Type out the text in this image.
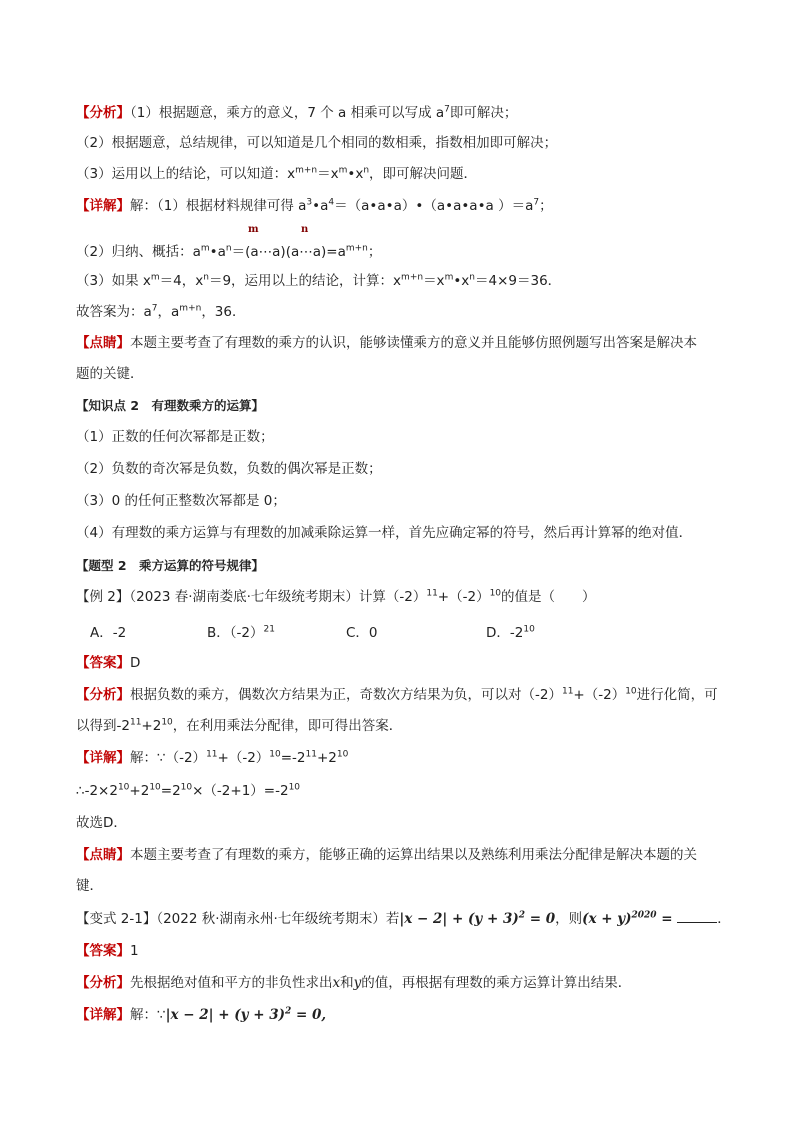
【分析】（1）根据题意，乘方的意义，7 个 a 相乘可以写成 $a^7$即可解决；
（2）根据题意，总结规律，可以知道是几个相同的数相乘，指数相加即可解决；
（3）运用以上的结论，可以知道：$x^{m+n}=x^m•x^n$，即可解决问题．
【详解】解：（1）根据材料规律可得 $a^3•a^4=(a•a•a)•(a•a•a•a$ ）$=a^7$；
m	n
（2）归纳、概括：$a^m•a^n=(a\cdots a)(a\cdots a)=a^{m+n}$；
（3）如果 $x^m=4$，$x^n=9$，运用以上的结论，计算：$x^{m+n}=x^m•x^n=4\times 9=36$．
故答案为：$a^7$，$a^{m+n}$，36．
【点睛】本题主要考查了有理数的乘方的认识，能够读懂乘方的意义并且能够仿照例题写出答案是解决本
题的关键．
【知识点 2　有理数乘方的运算】
（1）正数的任何次幂都是正数；
（2）负数的奇次幂是负数，负数的偶次幂是正数；
（3）0 的任何正整数次幂都是 0；
（4）有理数的乘方运算与有理数的加减乘除运算一样，首先应确定幂的符号，然后再计算幂的绝对值．
【题型 2　乘方运算的符号规律】
【例 2】（2023 春·湖南娄底·七年级统考期末）计算$(-2)^{11}+(-2)^{10}$的值是（　　）
A．-2	B．$(-2)^{21}$	C．0	D．$-2^{10}$
【答案】D
【分析】根据负数的乘方，偶数次方结果为正，奇数次方结果为负，可以对$(-2)^{11}+(-2)^{10}$进行化简，可
以得到$-2^{11}+2^{10}$，在利用乘法分配律，即可得出答案．
【详解】解：$\because(-2)^{11}+(-2)^{10}=-2^{11}+2^{10}$
$\therefore-2\times 2^{10}+2^{10}=2^{10}\times(-2+1)=-2^{10}$
故选D．
【点睛】本题主要考查了有理数的乘方，能够正确的运算出结果以及熟练利用乘法分配律是解决本题的关
键．
【变式 2-1】（2022 秋·湖南永州·七年级统考期末）若$|x - 2| + (y + 3)^2 = 0$，则$(x + y)^{2020}$ =	．
【答案】1
【分析】先根据绝对值和平方的非负性求出x和y的值，再根据有理数的乘方运算计算出结果．
【详解】解：∵|x − $2| + (y + 3)^2 = 0$,
